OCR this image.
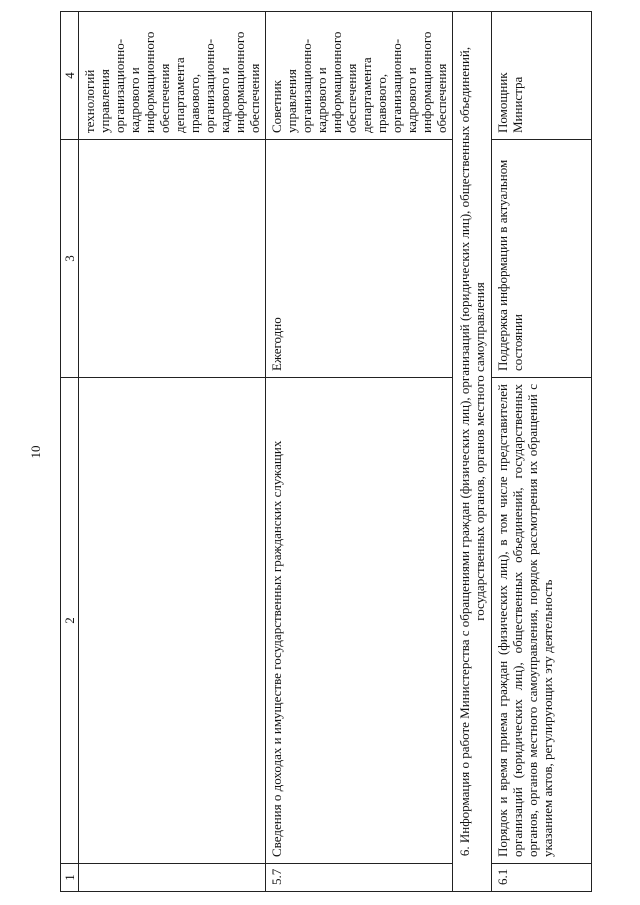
10
1	2	3	4
			технологий управления организационно-кадрового и информационного обеспечения департамента правового, организационно-кадрового и информационного обеспечения
5.7	Сведения о доходах и имуществе государственных гражданских служащих	Ежегодно	Советник управления организационно-кадрового и информационного обеспечения департамента правового, организационно-кадрового и информационного обеспечения
6. Информация о работе Министерства с обращениями граждан (физических лиц), организаций (юридических лиц), общественных объединений, государственных органов, органов местного самоуправления			
6.1	Порядок и время приема граждан (физических лиц), в том числе представителей организаций (юридических лиц), общественных объединений, государственных органов, органов местного самоуправления, порядок рассмотрения их обращений с указанием актов, регулирующих эту деятельность	Поддержка информации в актуальном состоянии	Помощник Министра
